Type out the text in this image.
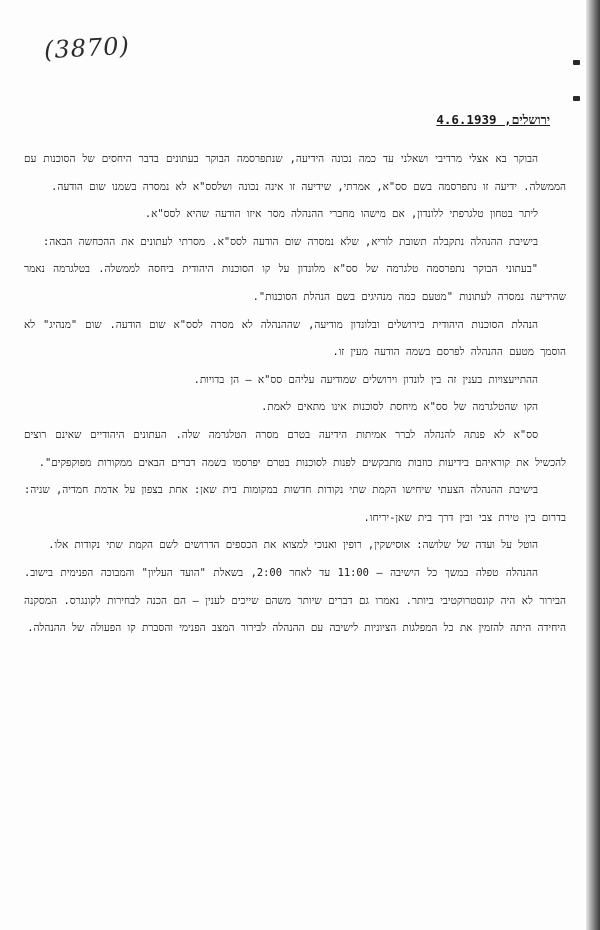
(3870)
ירושלים, 4.6.1939

הבוקר בא אצלי מרדיבי ושאלני עד כמה נכונה הידיעה, שנתפרסמה הבוקר בעתונים בדבר היחסים של הסוכנות עם הממשלה. ידיעה זו נתפרסמה בשם סס"א, אמרתי, שידיעה זו אינה נכונה ושלסס"א לא נמסרה בשמנו שום הודעה.

ליתר בטחון טלגרפתי ללונדון, אם מישהו מחברי ההנהלה מסר איזו הודעה שהיא לסס"א.

בישיבת ההנהלה נתקבלה תשובת לוריא, שלא נמסרה שום הודעה לסס"א. מסרתי לעתונים את ההכחשה הבאה:

"בעתוני הבוקר נתפרסמה טלגרמה של סס"א מלונדון על קו הסוכנות היהודית ביחסה לממשלה. בטלגרמה נאמר שהידיעה נמסרה לעתונות "מטעם כמה מנהיגים בשם הנהלת הסוכנות".

הנהלת הסוכנות היהודית בירושלים ובלונדון מודיעה, שההנהלה לא מסרה לסס"א שום הודעה. שום "מנהיג" לא הוסמך מטעם ההנהלה לפרסם בשמה הודעה מעין זו.

ההתייעצויות בענין זה בין לונדון וירושלים שמודיעה עליהם סס"א – הן בדויות.

הקו שהטלגרמה של סס"א מיחסת לסוכנות אינו מתאים לאמת.

סס"א לא פנתה להנהלה לברר אמיתות הידיעה בטרם מסרה הטלגרמה שלה. העתונים היהודיים שאינם רוצים להכשיל את קוראיהם בידיעות כוזבות מתבקשים לפנות לסוכנות בטרם יפרסמו בשמה דברים הבאים ממקורות מפוקפקים".

בישיבת ההנהלה הצעתי שיחישו הקמת שתי נקודות חדשות במקומות בית שאן: אחת בצפון על אדמת חמדיה, שניה: בדרום בין טירת צבי ובין דרך בית שאן-יריחו.

הוטל על ועדה של שלושה: אוסישקין, רופין ואנוכי למצוא את הכספים הדרושים לשם הקמת שתי נקודות אלו.

ההנהלה טפלה במשך כל הישיבה – 11:00 עד לאחר 2:00, בשאלת "הועד העליון" והמבוכה הפנימית בישוב. הבירור לא היה קונסטרוקטיבי ביותר. נאמרו גם דברים שיותר משהם שייכים לענין – הם הכנה לבחירות לקונגרס. המסקנה היחידה היתה להזמין את כל המפלגות הציוניות לישיבה עם ההנהלה לבירור המצב הפנימי והסברת קו הפעולה של ההנהלה.
